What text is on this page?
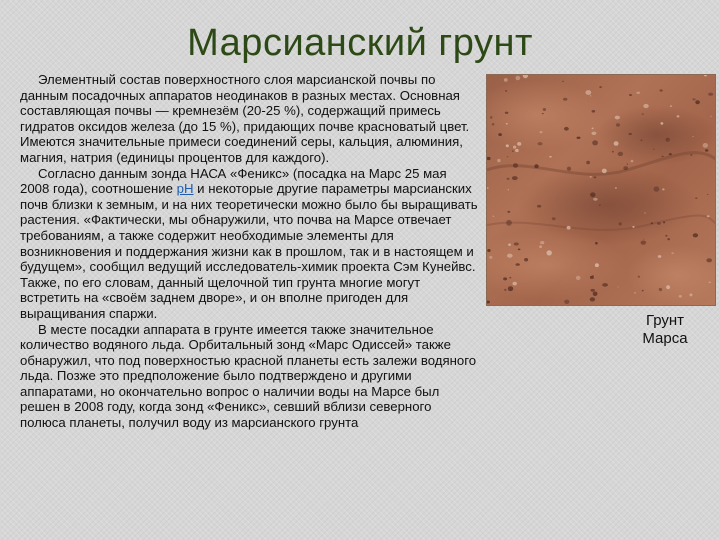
Марсианский грунт

Элементный состав поверхностного слоя марсианской почвы по данным посадочных аппаратов неодинаков в разных местах. Основная составляющая почвы — кремнезём (20-25 %), содержащий примесь гидратов оксидов железа (до 15 %), придающих почве красноватый цвет. Имеются значительные примеси соединений серы, кальция, алюминия, магния, натрия (единицы процентов для каждого).

Согласно данным зонда НАСА «Феникс» (посадка на Марс 25 мая 2008 года), соотношение pH и некоторые другие параметры марсианских почв близки к земным, и на них теоретически можно было бы выращивать растения. «Фактически, мы обнаружили, что почва на Марсе отвечает требованиям, а также содержит необходимые элементы для возникновения и поддержания жизни как в прошлом, так и в настоящем и будущем», сообщил ведущий исследователь-химик проекта Сэм Кунейвс. Также, по его словам, данный щелочной тип грунта многие могут встретить на «своём заднем дворе», и он вполне пригоден для выращивания спаржи.

В месте посадки аппарата в грунте имеется также значительное количество водяного льда. Орбитальный зонд «Марс Одиссей» также обнаружил, что под поверхностью красной планеты есть залежи водяного льда. Позже это предположение было подтверждено и другими аппаратами, но окончательно вопрос о наличии воды на Марсе был решен в 2008 году, когда зонд «Феникс», севший вблизи северного полюса планеты, получил воду из марсианского грунта

Грунт
Марса
